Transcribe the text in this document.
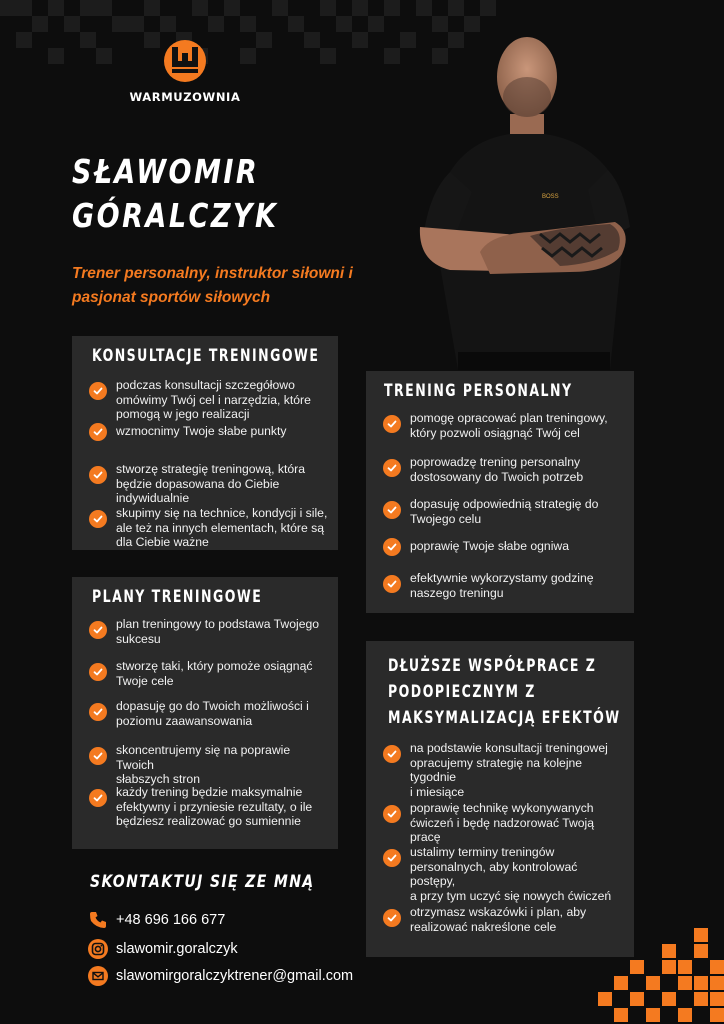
WARMUZOWNIA
SŁAWOMIR
GÓRALCZYK
Trener personalny, instruktor siłowni i
pasjonat sportów siłowych
BOSS
KONSULTACJE TRENINGOWE
podczas konsultacji szczegółowo
omówimy Twój cel i narzędzia, które
pomogą w jego realizacji
wzmocnimy Twoje słabe punkty
stworzę strategię treningową, która
będzie dopasowana do Ciebie
indywidualnie
skupimy się na technice, kondycji i sile,
ale też na innych elementach, które są
dla Ciebie ważne
PLANY TRENINGOWE
plan treningowy to podstawa Twojego
sukcesu
stworzę taki, który pomoże osiągnąć
Twoje cele
dopasuję go do Twoich możliwości i
poziomu zaawansowania
skoncentrujemy się na poprawie Twoich
słabszych stron
każdy trening będzie maksymalnie
efektywny i przyniesie rezultaty, o ile
będziesz realizować go sumiennie
TRENING PERSONALNY
pomogę opracować plan treningowy,
który pozwoli osiągnąć Twój cel
poprowadzę trening personalny
dostosowany do Twoich potrzeb
dopasuję odpowiednią strategię do
Twojego celu
poprawię Twoje słabe ogniwa
efektywnie wykorzystamy godzinę
naszego treningu
DŁUŻSZE WSPÓŁPRACE Z
PODOPIECZNYM Z
MAKSYMALIZACJĄ EFEKTÓW
na podstawie konsultacji treningowej
opracujemy strategię na kolejne tygodnie
i miesiące
poprawię technikę wykonywanych
ćwiczeń i będę nadzorować Twoją pracę
ustalimy terminy treningów
personalnych, aby kontrolować postępy,
a przy tym uczyć się nowych ćwiczeń
otrzymasz wskazówki i plan, aby
realizować nakreślone cele
SKONTAKTUJ SIĘ ZE MNĄ
+48 696 166 677
slawomir.goralczyk
slawomirgoralczyktrener@gmail.com
